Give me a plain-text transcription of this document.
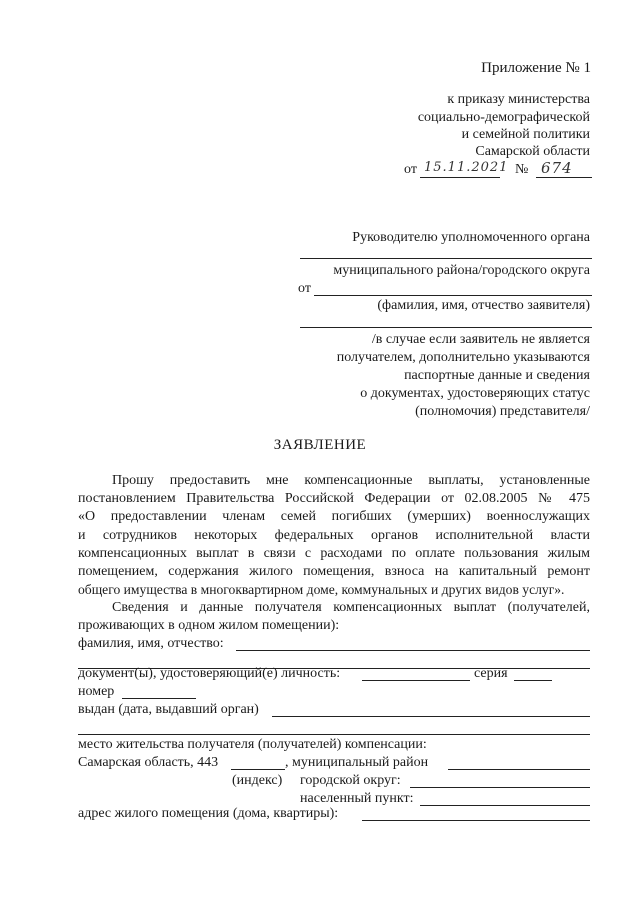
Приложение № 1
к приказу министерства
социально-демографической
и семейной политики
Самарской области
от 15.11.2021 № 674
Руководителю уполномоченного органа
муниципального района/городского округа
от
(фамилия, имя, отчество заявителя)
/в случае если заявитель не является
получателем, дополнительно указываются
паспортные данные и сведения
о документах, удостоверяющих статус
(полномочия) представителя/
ЗАЯВЛЕНИЕ
Прошу предоставить мне компенсационные выплаты, установленные
постановлением Правительства Российской Федерации от 02.08.2005 № 475
«О предоставлении членам семей погибших (умерших) военнослужащих
и сотрудников некоторых федеральных органов исполнительной власти
компенсационных выплат в связи с расходами по оплате пользования жилым
помещением, содержания жилого помещения, взноса на капитальный ремонт
общего имущества в многоквартирном доме, коммунальных и других видов услуг».
Сведения и данные получателя компенсационных выплат (получателей,
проживающих в одном жилом помещении):
фамилия, имя, отчество:
документ(ы), удостоверяющий(е) личность:	серия
номер
выдан (дата, выдавший орган)
место жительства получателя (получателей) компенсации:
Самарская область, 443	, муниципальный район
(индекс) городской округ:
населенный пункт:
адрес жилого помещения (дома, квартиры):
